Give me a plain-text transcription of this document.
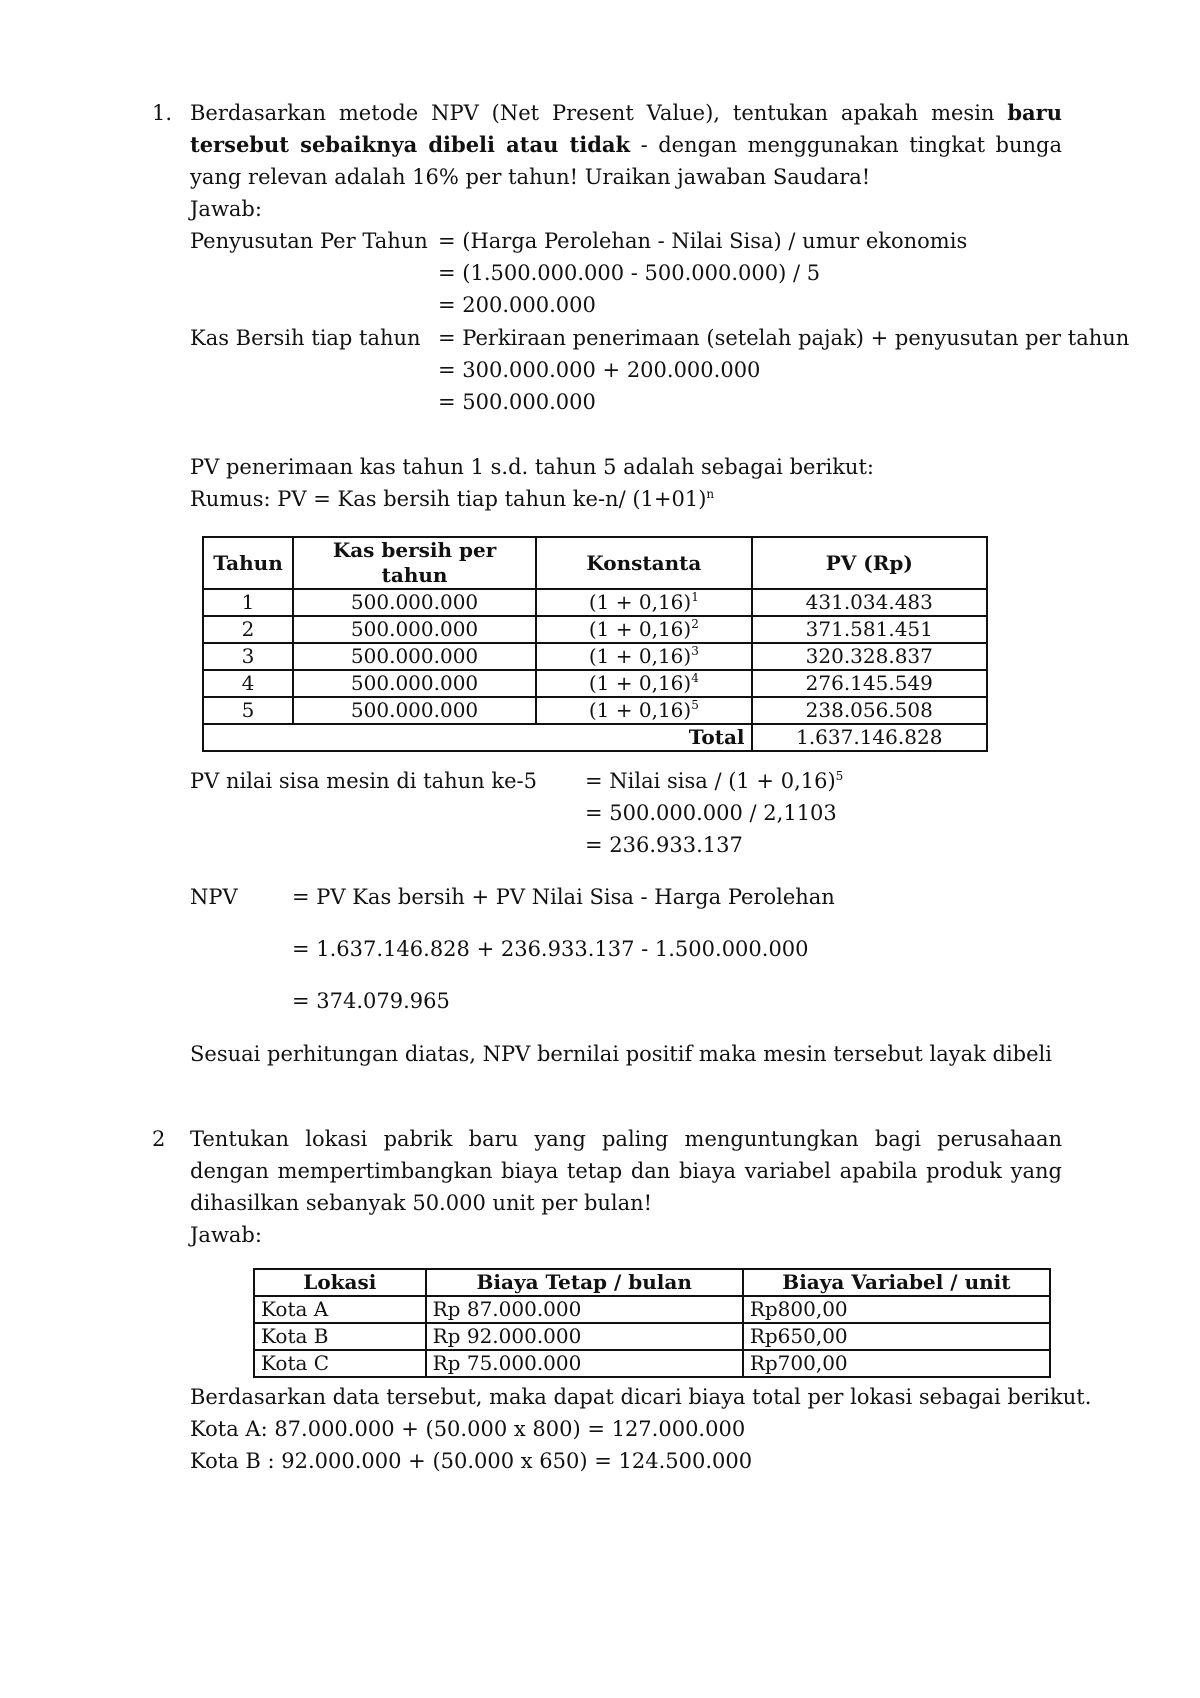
1. Berdasarkan metode NPV (Net Present Value), tentukan apakah mesin baru tersebut sebaiknya dibeli atau tidak - dengan menggunakan tingkat bunga yang relevan adalah 16% per tahun! Uraikan jawaban Saudara!
Jawab:
Penyusutan Per Tahun = (Harga Perolehan - Nilai Sisa) / umur ekonomis
= (1.500.000.000 - 500.000.000) / 5
= 200.000.000
Kas Bersih tiap tahun = Perkiraan penerimaan (setelah pajak) + penyusutan per tahun
= 300.000.000 + 200.000.000
= 500.000.000
PV penerimaan kas tahun 1 s.d. tahun 5 adalah sebagai berikut:
Rumus: PV = Kas bersih tiap tahun ke-n/ $(1+01)^n$
Tahun	Kas bersih per tahun	Konstanta	PV (Rp)
1	500.000.000	$(1 + 0,16)^1$	431.034.483
2	500.000.000	$(1 + 0,16)^2$	371.581.451
3	500.000.000	$(1 + 0,16)^3$	320.328.837
4	500.000.000	$(1 + 0,16)^4$	276.145.549
5	500.000.000	$(1 + 0,16)^5$	238.056.508
Total			1.637.146.828
PV nilai sisa mesin di tahun ke-5 = Nilai sisa / $(1 + 0,16)^5$
= 500.000.000 / 2,1103
= 236.933.137
NPV	= PV Kas bersih + PV Nilai Sisa - Harga Perolehan
= 1.637.146.828 + 236.933.137 - 1.500.000.000
= 374.079.965
Sesuai perhitungan diatas, NPV bernilai positif maka mesin tersebut layak dibeli
2 Tentukan lokasi pabrik baru yang paling menguntungkan bagi perusahaan dengan mempertimbangkan biaya tetap dan biaya variabel apabila produk yang dihasilkan sebanyak 50.000 unit per bulan!
Jawab:
Lokasi	Biaya Tetap / bulan	Biaya Variabel / unit
Kota A	Rp 87.000.000	Rp800,00
Kota B	Rp 92.000.000	Rp650,00
Kota C	Rp 75.000.000	Rp700,00
Berdasarkan data tersebut, maka dapat dicari biaya total per lokasi sebagai berikut.
Kota A: 87.000.000 + (50.000 x 800) = 127.000.000
Kota B : 92.000.000 + (50.000 x 650) = 124.500.000
